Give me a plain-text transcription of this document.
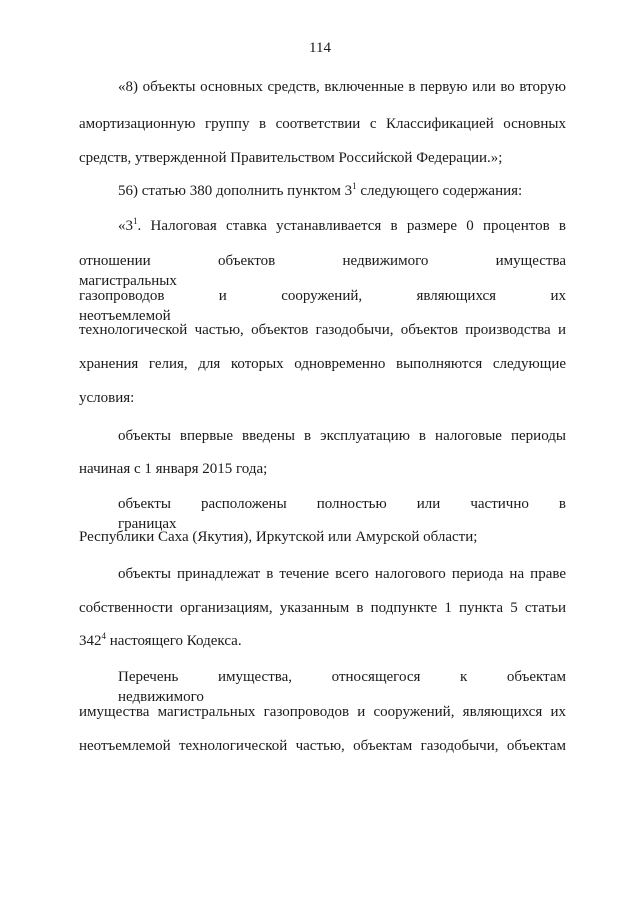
114
«8) объекты основных средств, включенные в первую или во вторую
амортизационную группу в соответствии с Классификацией основных
средств, утвержденной Правительством Российской Федерации.»;
56) статью 380 дополнить пунктом $3^1$ следующего содержания:
«$3^1$. Налоговая ставка устанавливается в размере 0 процентов в
отношении объектов недвижимого имущества магистральных
газопроводов и сооружений, являющихся их неотъемлемой
технологической частью, объектов газодобычи, объектов производства и
хранения гелия, для которых одновременно выполняются следующие
условия:
объекты впервые введены в эксплуатацию в налоговые периоды
начиная с 1 января 2015 года;
объекты расположены полностью или частично в границах
Республики Саха (Якутия), Иркутской или Амурской области;
объекты принадлежат в течение всего налогового периода на праве
собственности организациям, указанным в подпункте 1 пункта 5 статьи
$342^4$ настоящего Кодекса.
Перечень имущества, относящегося к объектам недвижимого
имущества магистральных газопроводов и сооружений, являющихся их
неотъемлемой технологической частью, объектам газодобычи, объектам
